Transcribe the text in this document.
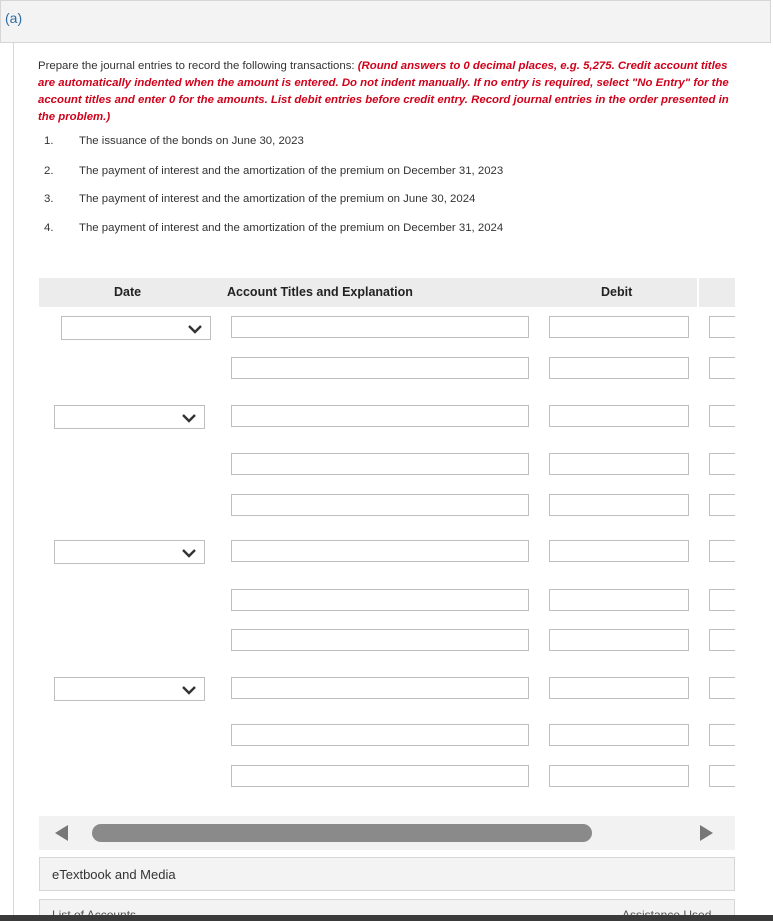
(a)
Prepare the journal entries to record the following transactions: (Round answers to 0 decimal places, e.g. 5,275. Credit account titles are automatically indented when the amount is entered. Do not indent manually. If no entry is required, select "No Entry" for the account titles and enter 0 for the amounts. List debit entries before credit entry. Record journal entries in the order presented in the problem.)
1. The issuance of the bonds on June 30, 2023
2. The payment of interest and the amortization of the premium on December 31, 2023
3. The payment of interest and the amortization of the premium on June 30, 2024
4. The payment of interest and the amortization of the premium on December 31, 2024
Date	Account Titles and Explanation	Debit
eTextbook and Media
